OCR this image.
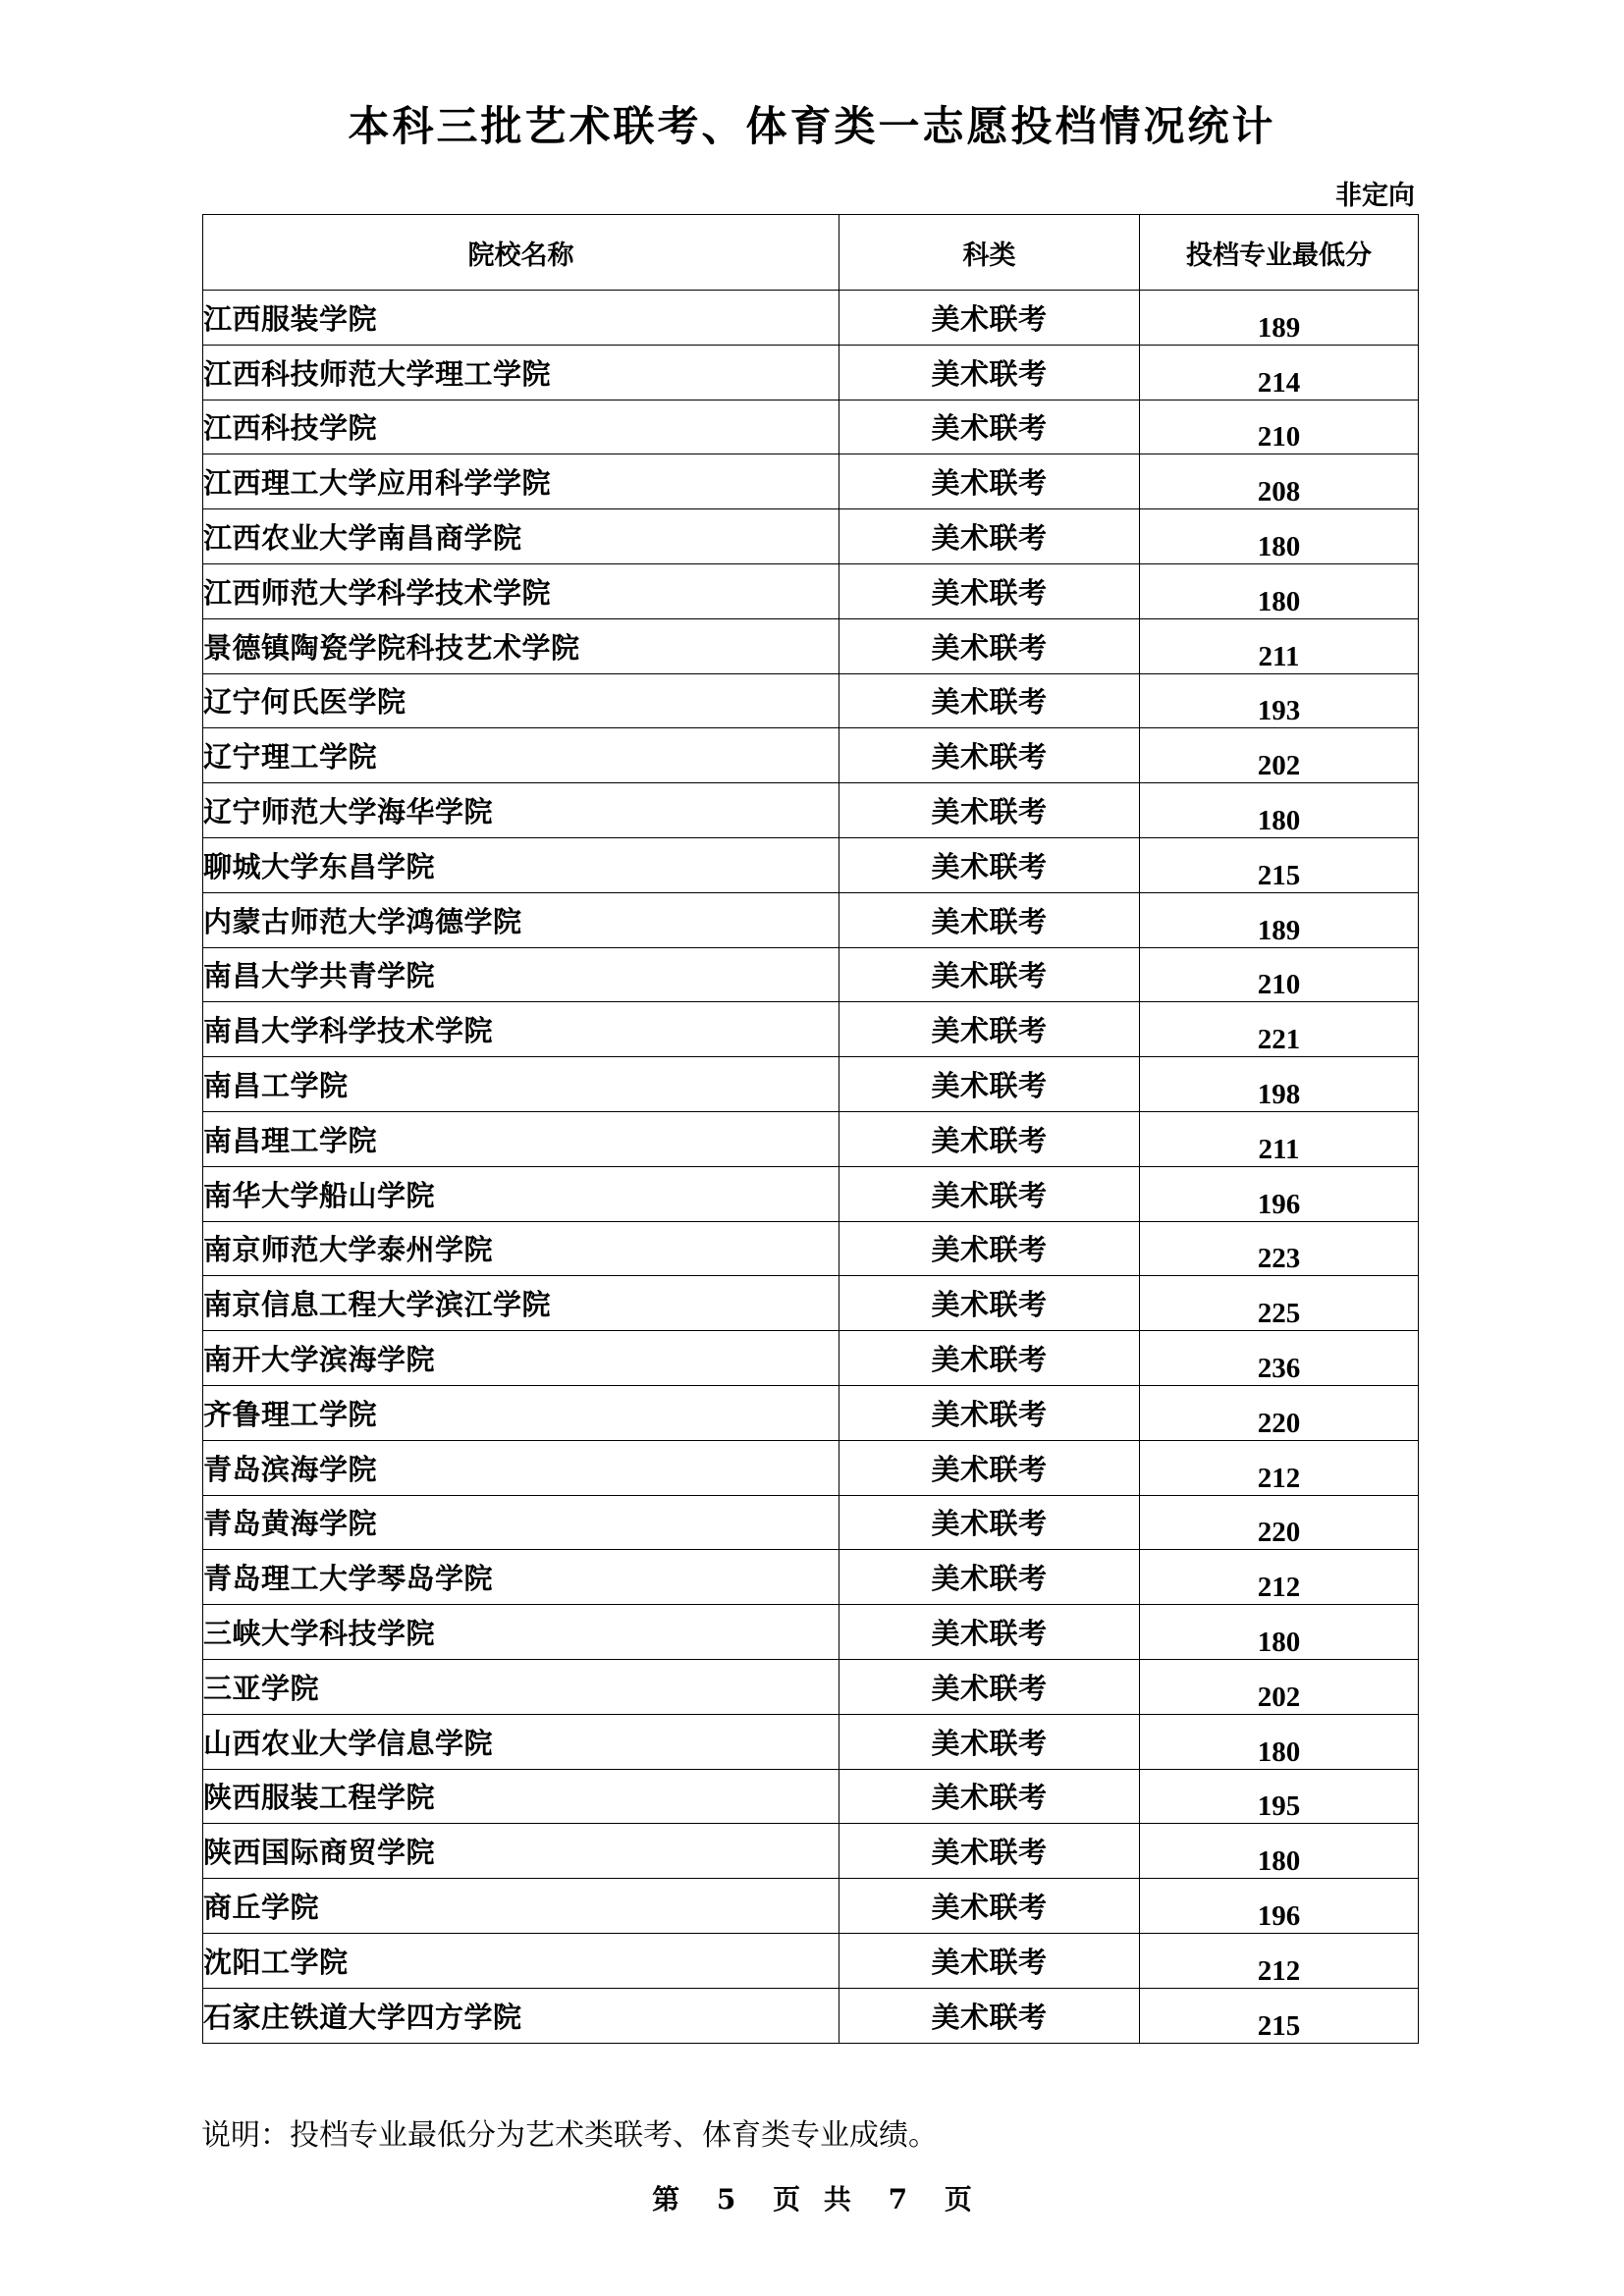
本科三批艺术联考、体育类一志愿投档情况统计
非定向
院校名称	科类	投档专业最低分
江西服装学院	美术联考	189
江西科技师范大学理工学院	美术联考	214
江西科技学院	美术联考	210
江西理工大学应用科学学院	美术联考	208
江西农业大学南昌商学院	美术联考	180
江西师范大学科学技术学院	美术联考	180
景德镇陶瓷学院科技艺术学院	美术联考	211
辽宁何氏医学院	美术联考	193
辽宁理工学院	美术联考	202
辽宁师范大学海华学院	美术联考	180
聊城大学东昌学院	美术联考	215
内蒙古师范大学鸿德学院	美术联考	189
南昌大学共青学院	美术联考	210
南昌大学科学技术学院	美术联考	221
南昌工学院	美术联考	198
南昌理工学院	美术联考	211
南华大学船山学院	美术联考	196
南京师范大学泰州学院	美术联考	223
南京信息工程大学滨江学院	美术联考	225
南开大学滨海学院	美术联考	236
齐鲁理工学院	美术联考	220
青岛滨海学院	美术联考	212
青岛黄海学院	美术联考	220
青岛理工大学琴岛学院	美术联考	212
三峡大学科技学院	美术联考	180
三亚学院	美术联考	202
山西农业大学信息学院	美术联考	180
陕西服装工程学院	美术联考	195
陕西国际商贸学院	美术联考	180
商丘学院	美术联考	196
沈阳工学院	美术联考	212
石家庄铁道大学四方学院	美术联考	215
说明：投档专业最低分为艺术类联考、体育类专业成绩。
第 5 页 共 7 页
